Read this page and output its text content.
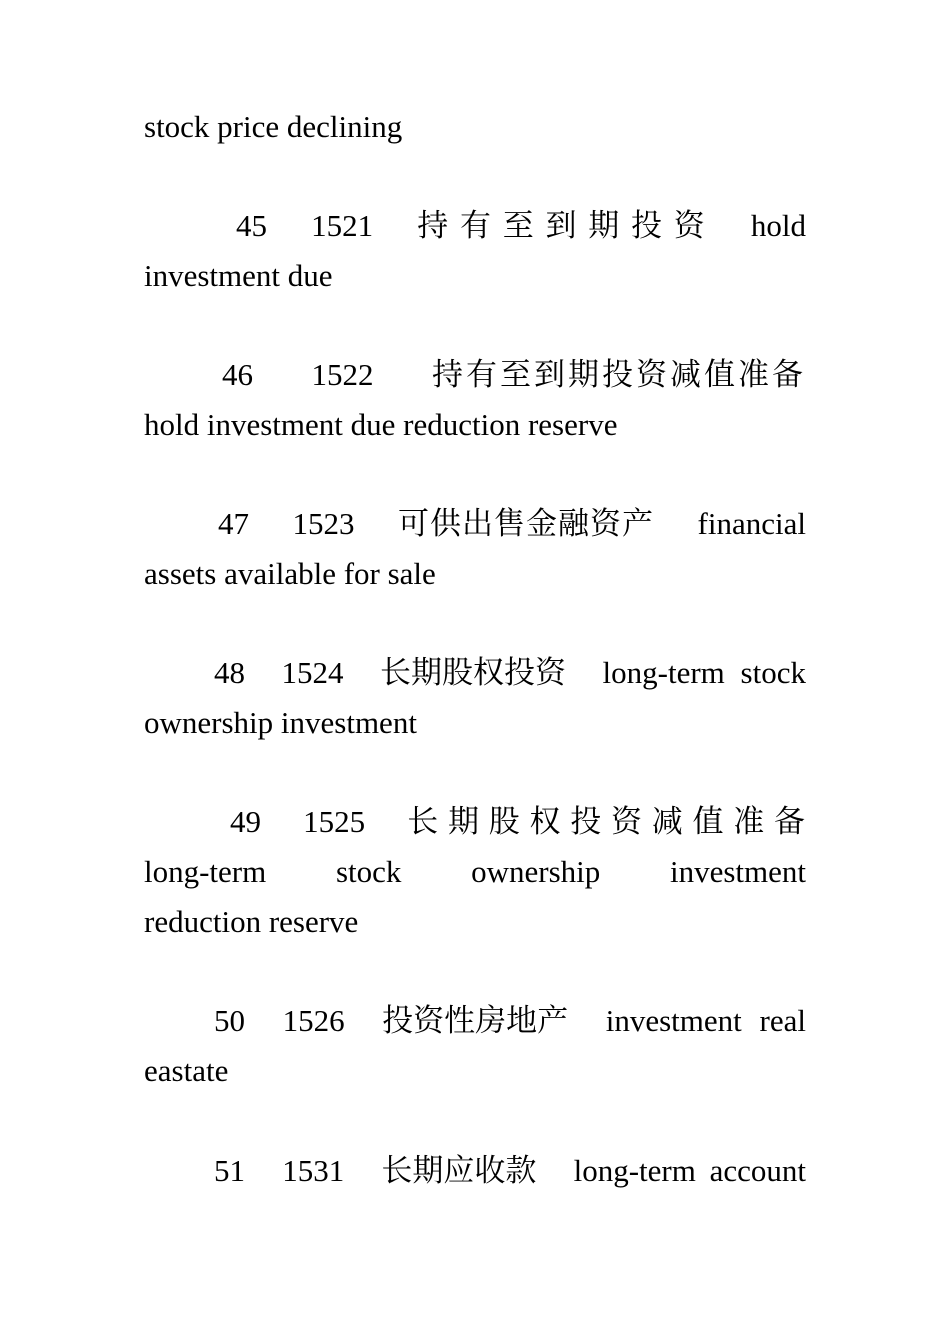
stock price declining
45 1521 持 有 至 到 期 投 资 hold
investment due
46 1522 持有至到期投资减值准备
hold investment due reduction reserve
47 1523 可供出售金融资产 financial
assets available for sale
48 1524 长期股权投资 long-term stock
ownership investment
49 1525 长 期 股 权 投 资 减 值 准 备
long-term stock ownership investment
reduction reserve
50 1526 投资性房地产 investment real
eastate
51 1531 长期应收款 long-term account
